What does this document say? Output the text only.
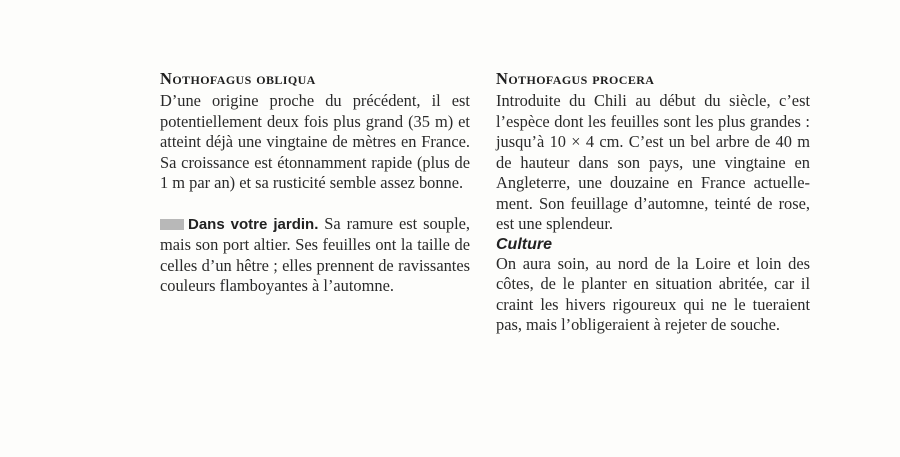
Nothofagus obliqua

D’une origine proche du précédent, il est
potentiellement deux fois plus grand (35 m) et
atteint déjà une vingtaine de mètres en France.
Sa croissance est étonnamment rapide (plus de
1 m par an) et sa rusticité semble assez bonne.

Dans votre jardin. Sa ramure est souple,
mais son port altier. Ses feuilles ont la taille de
celles d’un hêtre ; elles prennent de ravissantes
couleurs flamboyantes à l’automne.

Nothofagus procera

Introduite du Chili au début du siècle, c’est
l’espèce dont les feuilles sont les plus grandes :
jusqu’à 10 × 4 cm. C’est un bel arbre de 40 m
de hauteur dans son pays, une vingtaine en
Angleterre, une douzaine en France actuelle-
ment. Son feuillage d’automne, teinté de rose,
est une splendeur.

Culture

On aura soin, au nord de la Loire et loin des
côtes, de le planter en situation abritée, car il
craint les hivers rigoureux qui ne le tueraient
pas, mais l’obligeraient à rejeter de souche.
